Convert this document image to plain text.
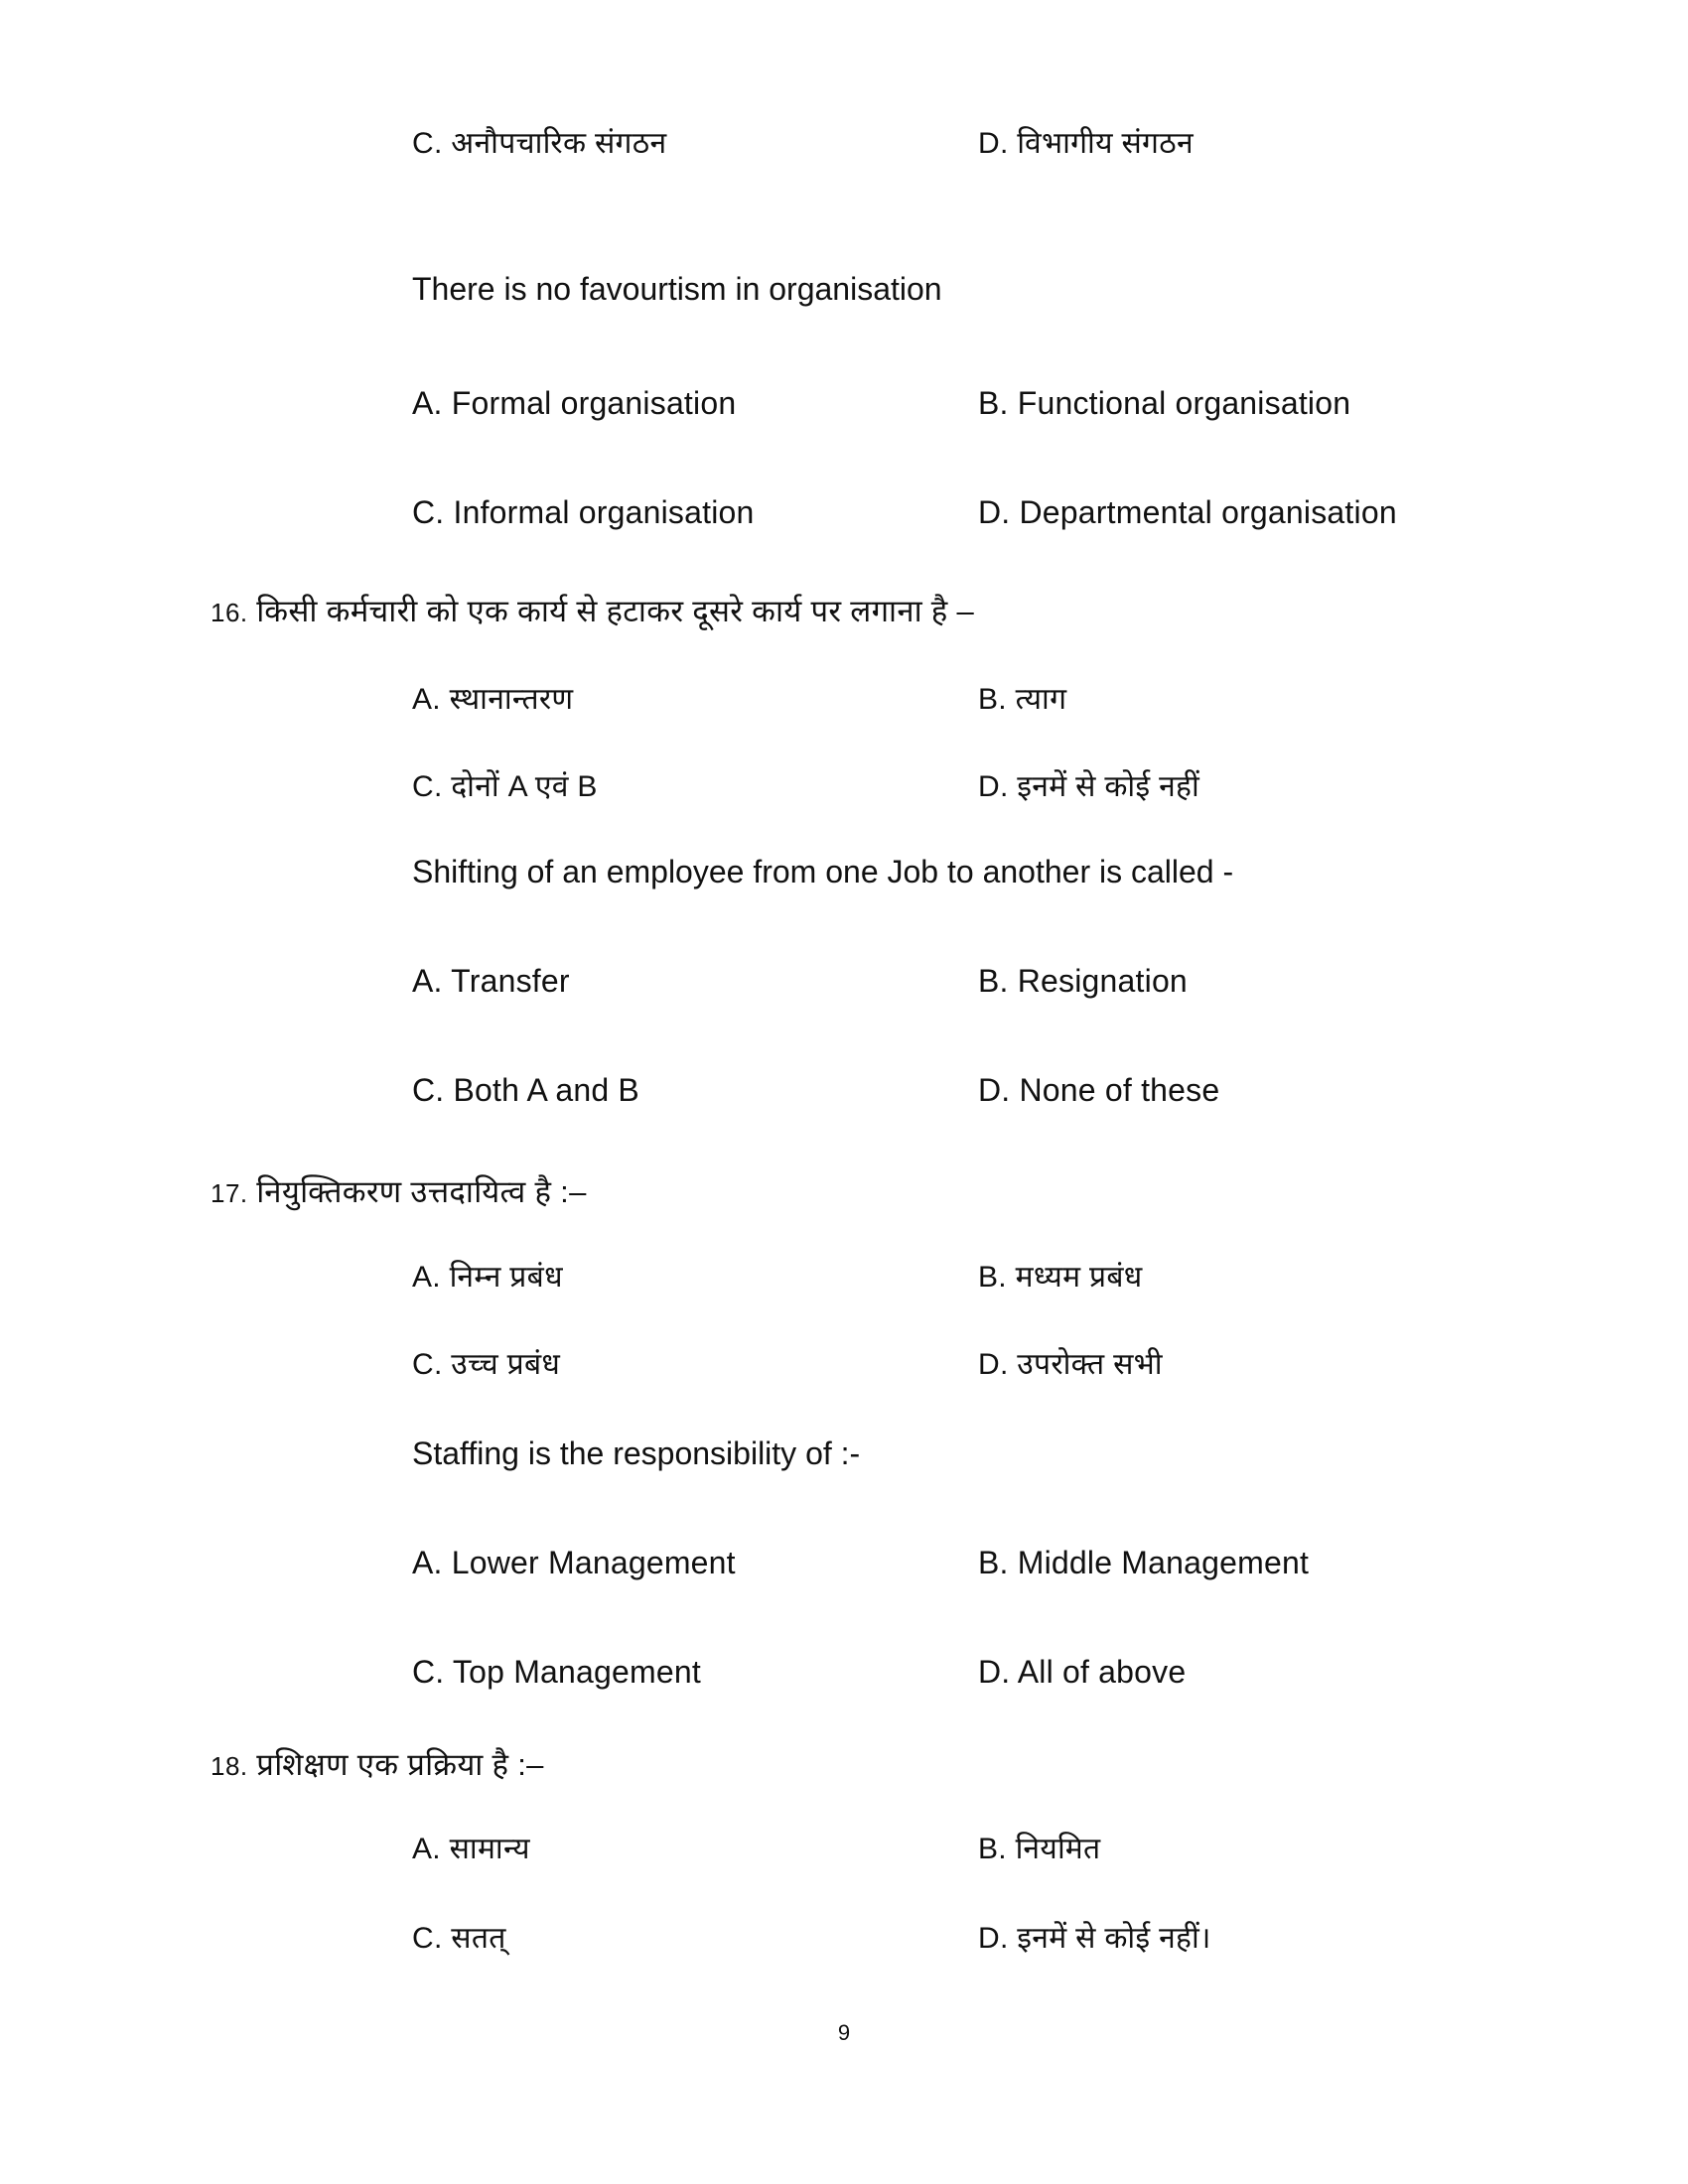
C. अनौपचारिक संगठन	D. विभागीय संगठन
There is no favourtism in organisation
A. Formal organisation	B. Functional organisation
C. Informal organisation	D. Departmental organisation
16. किसी कर्मचारी को एक कार्य से हटाकर दूसरे कार्य पर लगाना है –
A. स्थानान्तरण	B. त्याग
C. दोनों A एवं B	D. इनमें से कोई नहीं
Shifting of an employee from one Job to another is called -
A. Transfer	B. Resignation
C. Both A and B	D. None of these
17. नियुक्तिकरण उत्तदायित्व है :–
A. निम्न प्रबंध	B. मध्यम प्रबंध
C. उच्च प्रबंध	D. उपरोक्त सभी
Staffing is the responsibility of :-
A. Lower Management	B. Middle Management
C. Top Management	D. All of above
18. प्रशिक्षण एक प्रक्रिया है :–
A. सामान्य	B. नियमित
C. सतत्	D. इनमें से कोई नहीं।
9
